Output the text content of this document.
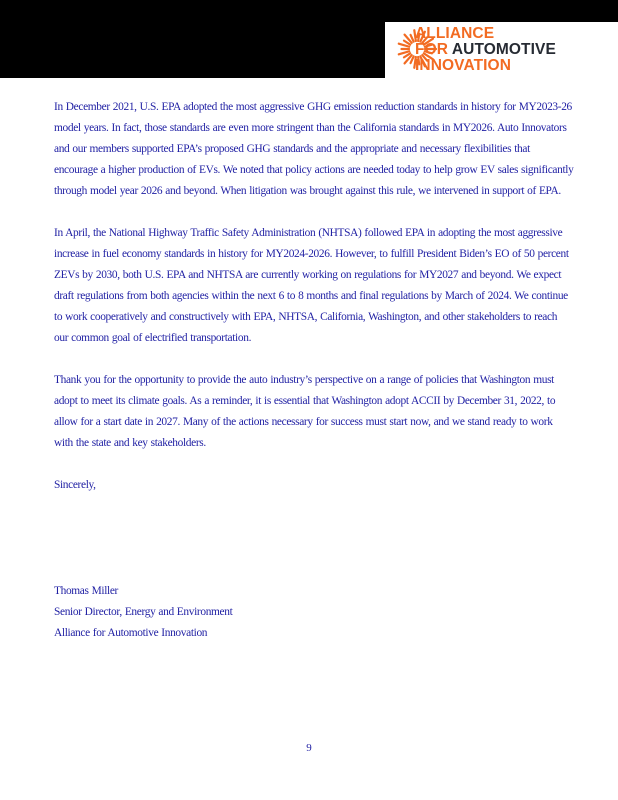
ALLIANCE
FOR AUTOMOTIVE
INNOVATION

In December 2021, U.S. EPA adopted the most aggressive GHG emission reduction standards in history for MY2023-26 model years. In fact, those standards are even more stringent than the California standards in MY2026. Auto Innovators and our members supported EPA’s proposed GHG standards and the appropriate and necessary flexibilities that encourage a higher production of EVs. We noted that policy actions are needed today to help grow EV sales significantly through model year 2026 and beyond. When litigation was brought against this rule, we intervened in support of EPA.

In April, the National Highway Traffic Safety Administration (NHTSA) followed EPA in adopting the most aggressive increase in fuel economy standards in history for MY2024-2026. However, to fulfill President Biden’s EO of 50 percent ZEVs by 2030, both U.S. EPA and NHTSA are currently working on regulations for MY2027 and beyond. We expect draft regulations from both agencies within the next 6 to 8 months and final regulations by March of 2024. We continue to work cooperatively and constructively with EPA, NHTSA, California, Washington, and other stakeholders to reach our common goal of electrified transportation.

Thank you for the opportunity to provide the auto industry’s perspective on a range of policies that Washington must adopt to meet its climate goals. As a reminder, it is essential that Washington adopt ACCII by December 31, 2022, to allow for a start date in 2027. Many of the actions necessary for success must start now, and we stand ready to work with the state and key stakeholders.

Sincerely,

Thomas Miller
Senior Director, Energy and Environment
Alliance for Automotive Innovation
9
